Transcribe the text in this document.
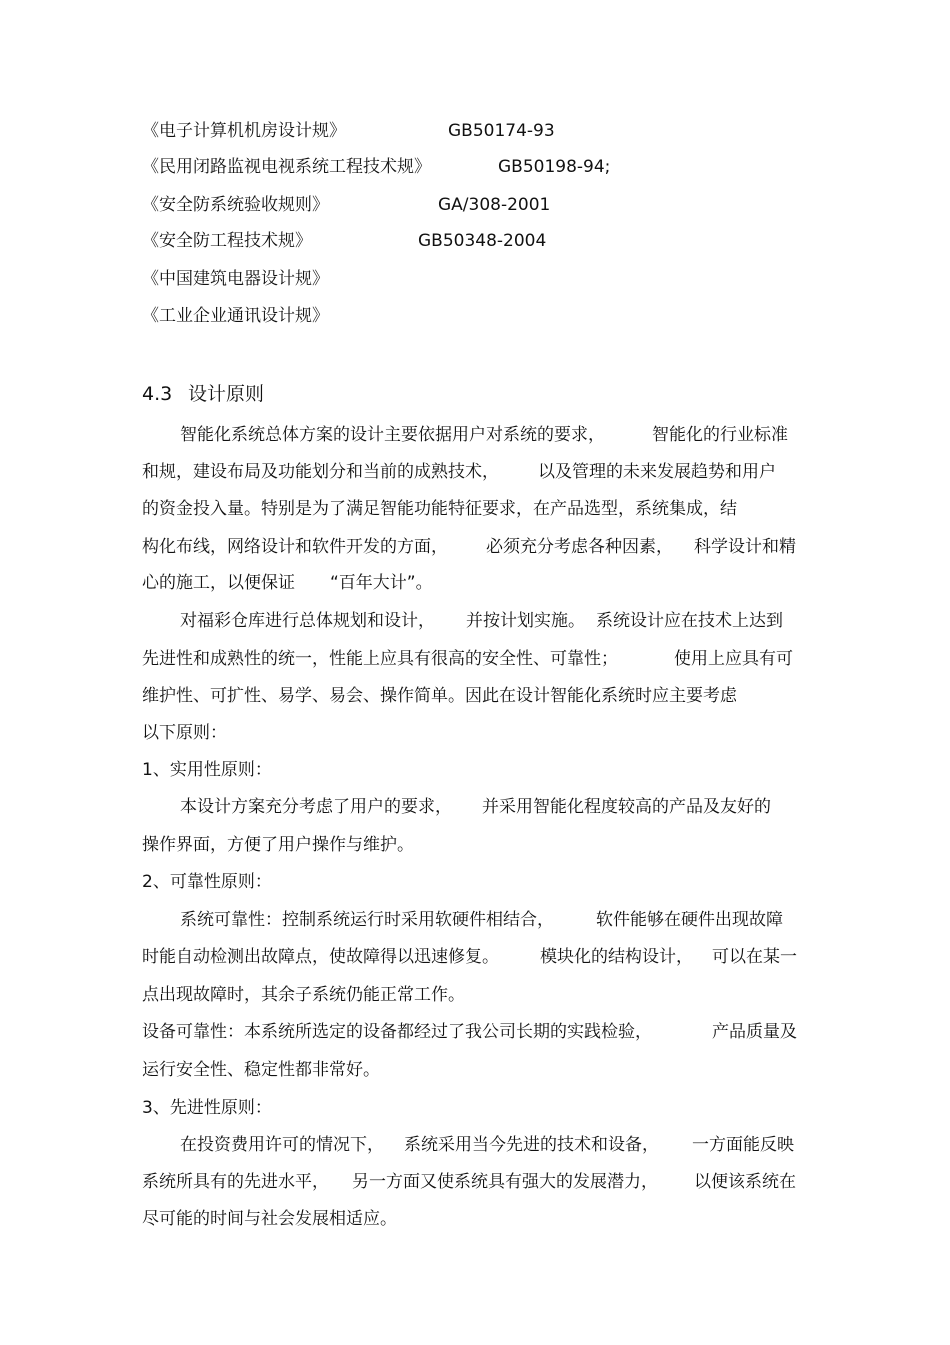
《电子计算机机房设计规》	GB50174-93
《民用闭路监视电视系统工程技术规》	GB50198-94;
《安全防系统验收规则》	GA/308-2001
《安全防工程技术规》	GB50348-2004
《中国建筑电器设计规》
《工业企业通讯设计规》
4.3 设计原则
智能化系统总体方案的设计主要依据用户对系统的要求，	智能化的行业标准
和规，建设布局及功能划分和当前的成熟技术， 以及管理的未来发展趋势和用户
的资金投入量。特别是为了满足智能功能特征要求，在产品选型，系统集成，结
构化布线，网络设计和软件开发的方面， 必须充分考虑各种因素， 科学设计和精
心的施工，以便保证 “百年大计”。
对福彩仓库进行总体规划和设计， 并按计划实施。 系统设计应在技术上达到
先进性和成熟性的统一，性能上应具有很高的安全性、可靠性；	使用上应具有可
维护性、可扩性、易学、易会、操作简单。因此在设计智能化系统时应主要考虑
以下原则：
1、实用性原则：
本设计方案充分考虑了用户的要求， 并采用智能化程度较高的产品及友好的
操作界面，方便了用户操作与维护。
2、可靠性原则：
系统可靠性：控制系统运行时采用软硬件相结合， 软件能够在硬件出现故障
时能自动检测出故障点，使故障得以迅速修复。 模块化的结构设计， 可以在某一
点出现故障时，其余子系统仍能正常工作。
设备可靠性：本系统所选定的设备都经过了我公司长期的实践检验，	产品质量及
运行安全性、稳定性都非常好。
3、先进性原则：
在投资费用许可的情况下， 系统采用当今先进的技术和设备， 一方面能反映
系统所具有的先进水平， 另一方面又使系统具有强大的发展潜力， 以便该系统在
尽可能的时间与社会发展相适应。
